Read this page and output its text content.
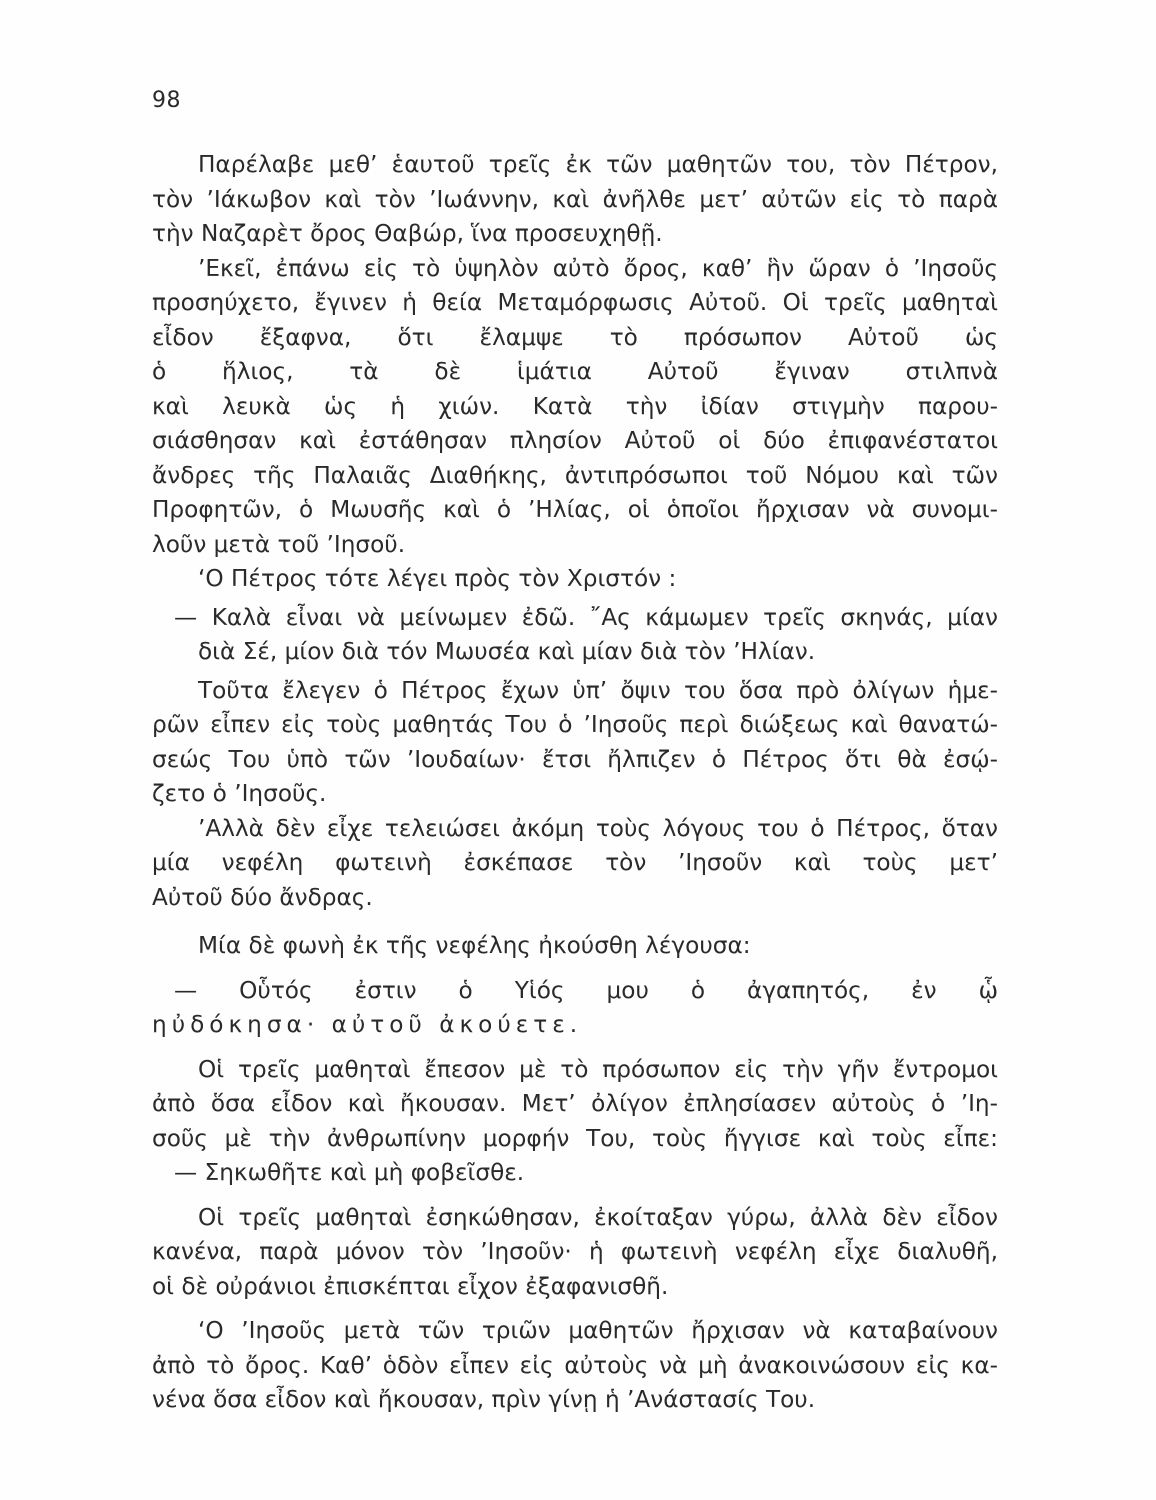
98
Παρέλαβε μεθ’ ἑαυτοῦ τρεῖς ἐκ τῶν μαθητῶν του, τὸν Πέτρον,
τὸν ’Ιάκωβον καὶ τὸν ’Ιωάννην, καὶ ἀνῆλθε μετ’ αὐτῶν εἰς τὸ παρὰ
τὴν Ναζαρὲτ ὄρος Θαβώρ, ἵνα προσευχηθῇ.
’Εκεῖ, ἐπάνω εἰς τὸ ὑψηλὸν αὐτὸ ὄρος, καθ’ ἣν ὥραν ὁ ’Ιησοῦς
προσηύχετο, ἔγινεν ἡ θεία Μεταμόρφωσις Αὐτοῦ. Οἱ τρεῖς μαθηταὶ
εἶδον ἔξαφνα, ὅτι ἔλαμψε τὸ πρόσωπον Αὐτοῦ ὡς
ὁ ἥλιος, τὰ δὲ ἱμάτια Αὐτοῦ ἔγιναν στιλπνὰ
καὶ λευκὰ ὡς ἡ χιών. Κατὰ τὴν ἰδίαν στιγμὴν παρου-
σιάσθησαν καὶ ἐστάθησαν πλησίον Αὐτοῦ οἱ δύο ἐπιφανέστατοι
ἄνδρες τῆς Παλαιᾶς Διαθήκης, ἀντιπρόσωποι τοῦ Νόμου καὶ τῶν
Προφητῶν, ὁ Μωυσῆς καὶ ὁ ’Ηλίας, οἱ ὁποῖοι ἤρχισαν νὰ συνομι-
λοῦν μετὰ τοῦ ’Ιησοῦ.
‘Ο Πέτρος τότε λέγει πρὸς τὸν Χριστόν :
— Καλὰ εἶναι νὰ μείνωμεν ἐδῶ. ῎Ας κάμωμεν τρεῖς σκηνάς, μίαν
διὰ Σέ, μίον διὰ τόν Μωυσέα καὶ μίαν διὰ τὸν ’Ηλίαν.
Τοῦτα ἔλεγεν ὁ Πέτρος ἔχων ὑπ’ ὄψιν του ὅσα πρὸ ὀλίγων ἡμε-
ρῶν εἶπεν εἰς τοὺς μαθητάς Του ὁ ’Ιησοῦς περὶ διώξεως καὶ θανατώ-
σεώς Του ὑπὸ τῶν ’Ιουδαίων· ἔτσι ἤλπιζεν ὁ Πέτρος ὅτι θὰ ἐσῴ-
ζετο ὁ ’Ιησοῦς.
’Αλλὰ δὲν εἶχε τελειώσει ἀκόμη τοὺς λόγους του ὁ Πέτρος, ὅταν
μία νεφέλη φωτεινὴ ἐσκέπασε τὸν ’Ιησοῦν καὶ τοὺς μετ’
Αὐτοῦ δύο ἄνδρας.
Μία δὲ φωνὴ ἐκ τῆς νεφέλης ἠκούσθη λέγουσα:
— Οὗτός ἐστιν ὁ Υἱός μου ὁ ἀγαπητός, ἐν ᾧ
ηὐδόκησα· αὐτοῦ ἀκούετε.
Οἱ τρεῖς μαθηταὶ ἔπεσον μὲ τὸ πρόσωπον εἰς τὴν γῆν ἔντρομοι
ἀπὸ ὅσα εἶδον καὶ ἤκουσαν. Μετ’ ὀλίγον ἐπλησίασεν αὐτοὺς ὁ ’Ιη-
σοῦς μὲ τὴν ἀνθρωπίνην μορφήν Του, τοὺς ἤγγισε καὶ τοὺς εἶπε:
— Σηκωθῆτε καὶ μὴ φοβεῖσθε.
Οἱ τρεῖς μαθηταὶ ἐσηκώθησαν, ἐκοίταξαν γύρω, ἀλλὰ δὲν εἶδον
κανένα, παρὰ μόνον τὸν ’Ιησοῦν· ἡ φωτεινὴ νεφέλη εἶχε διαλυθῆ,
οἱ δὲ οὐράνιοι ἐπισκέπται εἶχον ἐξαφανισθῆ.
‘Ο ’Ιησοῦς μετὰ τῶν τριῶν μαθητῶν ἤρχισαν νὰ καταβαίνουν
ἀπὸ τὸ ὄρος. Καθ’ ὁδὸν εἶπεν εἰς αὐτοὺς νὰ μὴ ἀνακοινώσουν εἰς κα-
νένα ὅσα εἶδον καὶ ἤκουσαν, πρὶν γίνῃ ἡ ’Ανάστασίς Του.
